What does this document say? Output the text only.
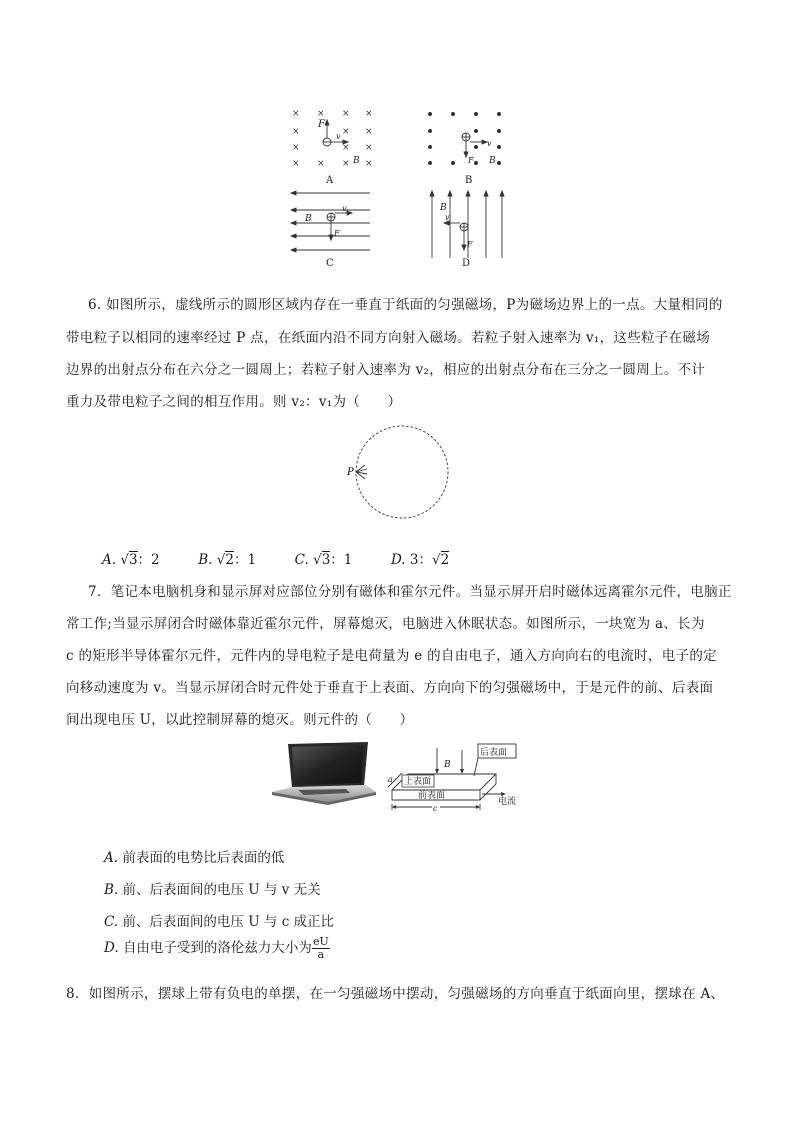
× × × ×
×	× ×
×	× ×
× × × ×
F
v
B
A
v
F B
B
B
v
F
C
B
v
F
D
6. 如图所示，虚线所示的圆形区域内存在一垂直于纸面的匀强磁场，P为磁场边界上的一点。大量相同的
带电粒子以相同的速率经过 P 点，在纸面内沿不同方向射入磁场。若粒子射入速率为 v₁，这些粒子在磁场
边界的出射点分布在六分之一圆周上；若粒子射入速率为 v₂，相应的出射点分布在三分之一圆周上。不计
重力及带电粒子之间的相互作用。则 v₂：v₁为（　　）
P
A. √3：2	B. √2：1	C. √3：1	D. 3：√2
7．笔记本电脑机身和显示屏对应部位分别有磁体和霍尔元件。当显示屏开启时磁体远离霍尔元件，电脑正
常工作;当显示屏闭合时磁体靠近霍尔元件，屏幕熄灭，电脑进入休眠状态。如图所示，一块宽为 a、长为
c 的矩形半导体霍尔元件，元件内的导电粒子是电荷量为 e 的自由电子，通入方向向右的电流时，电子的定
向移动速度为 v。当显示屏闭合时元件处于垂直于上表面、方向向下的匀强磁场中，于是元件的前、后表面
间出现电压 U，以此控制屏幕的熄灭。则元件的（　　）
B
后表面
上表面
前表面
电流
a
c
A. 前表面的电势比后表面的低
B. 前、后表面间的电压 U 与 v 无关
C. 前、后表面间的电压 U 与 c 成正比
D. 自由电子受到的洛伦兹力大小为 $\frac{eU}{a}$
8．如图所示，摆球上带有负电的单摆，在一匀强磁场中摆动，匀强磁场的方向垂直于纸面向里，摆球在 A、
